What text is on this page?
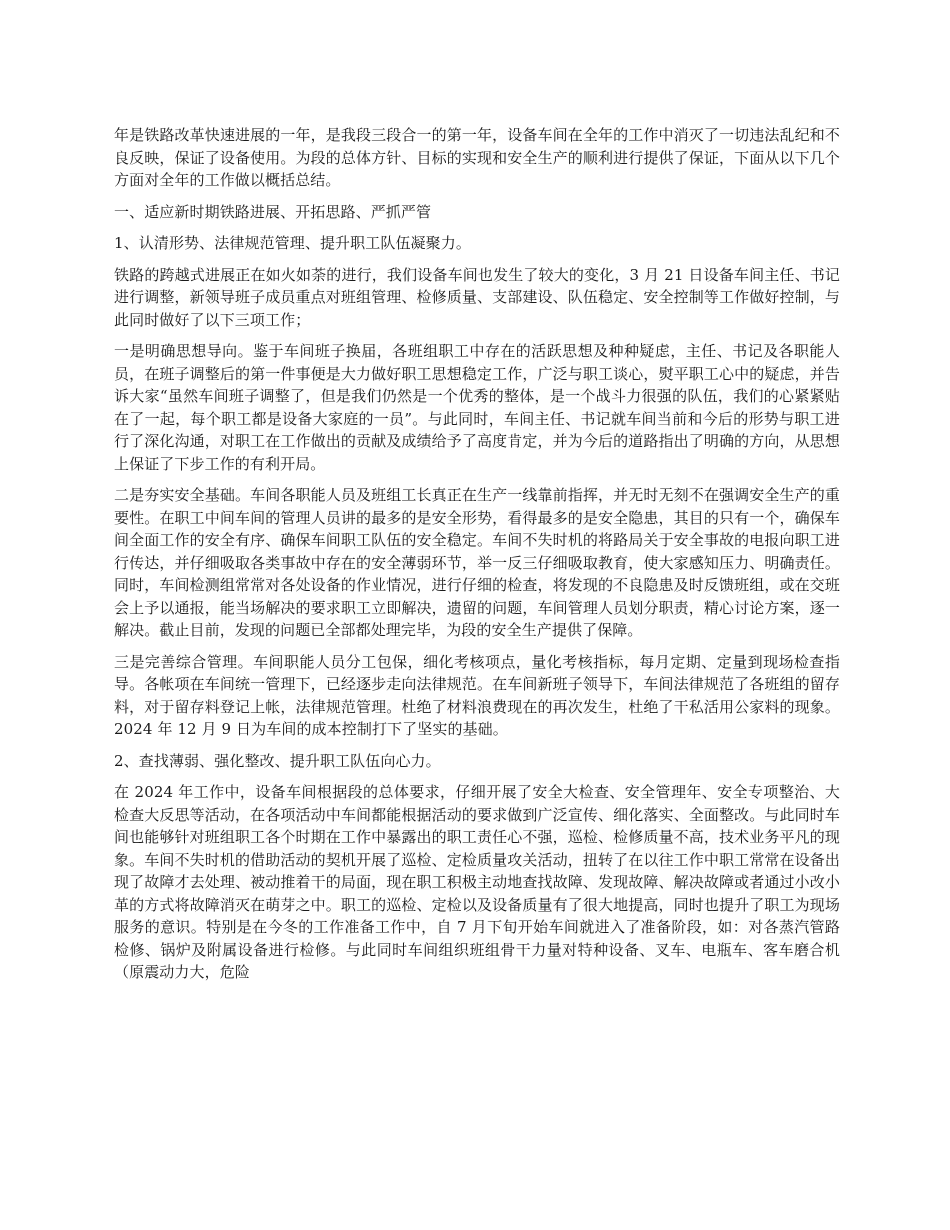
年是铁路改革快速进展的一年，是我段三段合一的第一年，设备车间在全年的工作中消灭了一切违法乱纪和不良反映，保证了设备使用。为段的总体方针、目标的实现和安全生产的顺利进行提供了保证，下面从以下几个方面对全年的工作做以概括总结。

一、适应新时期铁路进展、开拓思路、严抓严管

1、认清形势、法律规范管理、提升职工队伍凝聚力。

铁路的跨越式进展正在如火如荼的进行，我们设备车间也发生了较大的变化，3 月 21 日设备车间主任、书记进行调整，新领导班子成员重点对班组管理、检修质量、支部建设、队伍稳定、安全控制等工作做好控制，与此同时做好了以下三项工作；

一是明确思想导向。鉴于车间班子换届，各班组职工中存在的活跃思想及种种疑虑，主任、书记及各职能人员，在班子调整后的第一件事便是大力做好职工思想稳定工作，广泛与职工谈心，熨平职工心中的疑虑，并告诉大家“虽然车间班子调整了，但是我们仍然是一个优秀的整体，是一个战斗力很强的队伍，我们的心紧紧贴在了一起，每个职工都是设备大家庭的一员”。与此同时，车间主任、书记就车间当前和今后的形势与职工进行了深化沟通，对职工在工作做出的贡献及成绩给予了高度肯定，并为今后的道路指出了明确的方向，从思想上保证了下步工作的有利开局。

二是夯实安全基础。车间各职能人员及班组工长真正在生产一线靠前指挥，并无时无刻不在强调安全生产的重要性。在职工中间车间的管理人员讲的最多的是安全形势，看得最多的是安全隐患，其目的只有一个，确保车间全面工作的安全有序、确保车间职工队伍的安全稳定。车间不失时机的将路局关于安全事故的电报向职工进行传达，并仔细吸取各类事故中存在的安全薄弱环节，举一反三仔细吸取教育，使大家感知压力、明确责任。同时，车间检测组常常对各处设备的作业情况，进行仔细的检查，将发现的不良隐患及时反馈班组，或在交班会上予以通报，能当场解决的要求职工立即解决，遗留的问题，车间管理人员划分职责，精心讨论方案，逐一解决。截止目前，发现的问题已全部都处理完毕，为段的安全生产提供了保障。

三是完善综合管理。车间职能人员分工包保，细化考核项点，量化考核指标，每月定期、定量到现场检查指导。各帐项在车间统一管理下，已经逐步走向法律规范。在车间新班子领导下，车间法律规范了各班组的留存料，对于留存料登记上帐，法律规范管理。杜绝了材料浪费现在的再次发生，杜绝了干私活用公家料的现象。2024 年 12 月 9 日为车间的成本控制打下了坚实的基础。

2、查找薄弱、强化整改、提升职工队伍向心力。

在 2024 年工作中，设备车间根据段的总体要求，仔细开展了安全大检查、安全管理年、安全专项整治、大检查大反思等活动，在各项活动中车间都能根据活动的要求做到广泛宣传、细化落实、全面整改。与此同时车间也能够针对班组职工各个时期在工作中暴露出的职工责任心不强，巡检、检修质量不高，技术业务平凡的现象。车间不失时机的借助活动的契机开展了巡检、定检质量攻关活动，扭转了在以往工作中职工常常在设备出现了故障才去处理、被动推着干的局面，现在职工积极主动地查找故障、发现故障、解决故障或者通过小改小革的方式将故障消灭在萌芽之中。职工的巡检、定检以及设备质量有了很大地提高，同时也提升了职工为现场服务的意识。特别是在今冬的工作准备工作中，自 7 月下旬开始车间就进入了准备阶段，如：对各蒸汽管路检修、锅炉及附属设备进行检修。与此同时车间组织班组骨干力量对特种设备、叉车、电瓶车、客车磨合机（原震动力大，危险
